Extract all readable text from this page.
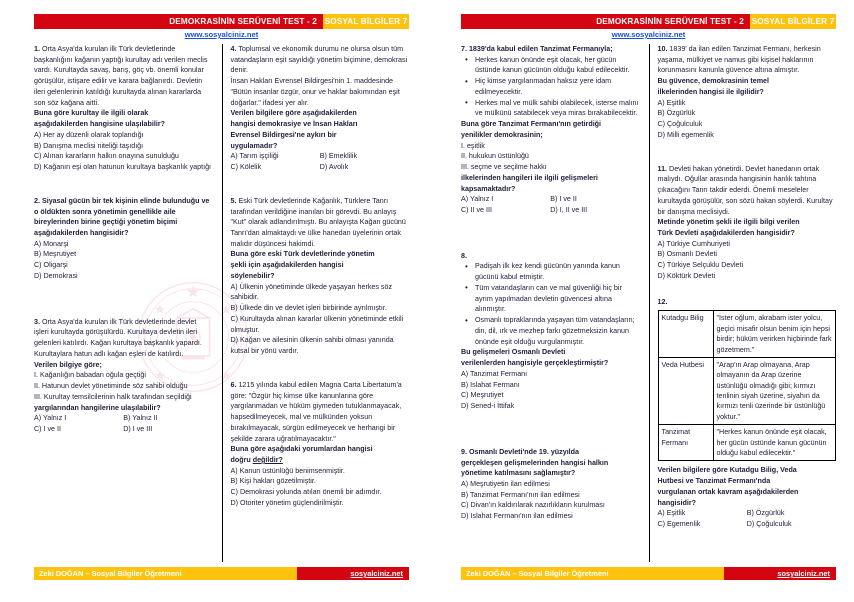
DEMOKRASİNİN SERÜVENİ TEST - 2 SOSYAL BİLGİLER 7
www.sosyalciniz.net

1. Orta Asya'da kurulan ilk Türk devletlerinde başkanlığını kağanın yaptığı kurultay adı verilen meclis vardı. Kurultayda savaş, barış, göç vb. önemli konular görüşülür, istişare edilir ve karara bağlanırdı. Devletin ileri gelenlerinin katıldığı kurultayda alınan kararlarda son söz kağana aitti.

Buna göre kurultay ile ilgili olarak

aşağıdakilerden hangisine ulaşılabilir?

A) Her ay düzenli olarak toplandığı

B) Danışma meclisi niteliği taşıdığı

C) Alınan kararların halkın onayına sunulduğu

D) Kağanın eşi olan hatunun kurultaya başkanlık yaptığı

2. Siyasal gücün bir tek kişinin elinde bulunduğu ve o öldükten sonra yönetimin genellikle aile bireylerinden birine geçtiği yönetim biçimi aşağıdakilerden hangisidir?

A) Monarşi

B) Meşrutiyet

C) Oligarşi

D) Demokrasi

3. Orta Asya'da kurulan ilk Türk devletlerinde devlet işleri kurultayda görüşülürdü. Kurultaya devletin ileri gelenleri katılırdı. Kağan kurultaya başkanlık yapardı. Kurultaylara hatun adlı kağan eşleri de katılırdı.

Verilen bilgiye göre;

I. Kağanlığın babadan oğula geçtiği

II. Hatunun devlet yönetiminde söz sahibi olduğu

III. Kurultay temsilcilerinin halk tarafından seçildiği

yargılarından hangilerine ulaşılabilir?

A) Yalnız I	B) Yalnız II
C) I ve II	D) I ve III

4. Toplumsal ve ekonomik durumu ne olursa olsun tüm vatandaşların eşit sayıldığı yönetim biçimine, demokrasi denir.

İnsan Hakları Evrensel Bildirgesi'nin 1. maddesinde "Bütün insanlar özgür, onur ve haklar bakımından eşit doğarlar." ifadesi yer alır.

Verilen bilgilere göre aşağıdakilerden

hangisi demokrasiye ve İnsan Hakları

Evrensel Bildirgesi'ne aykırı bir

uygulamadır?

A) Tarım işçiliği	B) Emeklilik
C) Kölelik	D) Avolık

5. Eski Türk devletlerinde Kağanlık, Türklere Tanrı tarafından verildiğine inanılan bir görevdi. Bu anlayış "Kut" olarak adlandırılmıştı. Bu anlayışta Kağan gücünü Tanrı'dan almaktaydı ve ülke hanedan üyelerinin ortak malıdır düşüncesi hakimdi.

Buna göre eski Türk devletlerinde yönetim

şekli için aşağıdakilerden hangisi

söylenebilir?

A) Ülkenin yönetiminde ülkede yaşayan herkes söz sahibidir.

B) Ülkede din ve devlet işleri birbirinde ayrılmıştır.

C) Kurultayda alınan kararlar ülkenin yönetiminde etkili olmuştur.

D) Kağan ve ailesinin ülkenin sahibi olması yanında kutsal bir yönü vardır.

6. 1215 yılında kabul edilen Magna Carta Libertatum'a göre: "Özgür hiç kimse ülke kanunlarına göre yargılanmadan ve hüküm giymeden tutuklanmayacak, hapsedilmeyecek, mal ve mülkünden yoksun bırakılmayacak, sürgün edilmeyecek ve herhangi bir şekilde zarara uğratılmayacaktır."

Buna göre aşağıdaki yorumlardan hangisi

doğru değildir?

A) Kanun üstünlüğü benimsenmiştir.

B) Kişi hakları gözetilmiştir.

C) Demokrasi yolunda atılan önemli bir adımdır.

D) Otoriter yönetim güçlendirilmiştir.

Zeki DOĞAN – Sosyal Bilgiler Öğretmeni	sosyalciniz.net
DEMOKRASİNİN SERÜVENİ TEST - 2 SOSYAL BİLGİLER 7
www.sosyalciniz.net

7. 1839'da kabul edilen Tanzimat Fermanıyla;

• Herkes kanun önünde eşit olacak, her gücün üstünde kanun gücünün olduğu kabul edilecektir.
• Hiç kimse yargılanmadan haksız yere idam edilmeyecektir.
• Herkes mal ve mülk sahibi olabilecek, isterse malını ve mülkünü satabilecek veya miras bırakabilecektir.

Buna göre Tanzimat Fermanı'nın getirdiği

yenilikler demokrasinin;

I. eşitlik

II. hukukun üstünlüğü

III. seçme ve seçilme hakkı

ilkelerinden hangileri ile ilgili gelişmeleri

kapsamaktadır?

A) Yalnız I	B) I ve II
C) II ve III	D) I, II ve III

8.

• Padişah ilk kez kendi gücünün yanında kanun gücünü kabul etmiştir.
• Tüm vatandaşların can ve mal güvenliği hiç bir ayrım yapılmadan devletin güvencesi altına alınmıştır.
• Osmanlı topraklarında yaşayan tüm vatandaşların; din, dil, ırk ve mezhep farkı gözetmeksizin kanun önünde eşit olduğu vurgulanmıştır.

Bu gelişmeleri Osmanlı Devleti

verilenlerden hangisiyle gerçekleştirmiştir?

A) Tanzimat Fermanı

B) Islahat Fermanı

C) Meşrutiyet

D) Sened-i İttifak

9. Osmanlı Devleti'nde 19. yüzyılda

gerçekleşen gelişmelerinden hangisi halkın

yönetime katılmasını sağlamıştır?

A) Meşrutiyetin ilan edilmesi

B) Tanzimat Fermanı'nın ilan edilmesi

C) Divan'ın kaldırılarak nazırlıkların kurulması

D) Islahat Fermanı'nın ilan edilmesi

10. 1839' da ilan edilen Tanzimat Fermanı, herkesin yaşama, mülkiyet ve namus gibi kişisel haklarının korunmasını kanunla güvence altına almıştır.

Bu güvence, demokrasinin temel

ilkelerinden hangisi ile ilgilidir?

A) Eşitlik

B) Özgürlük

C) Çoğulculuk

D) Milli egemenlik

11. Devleti hakan yönetirdi. Devlet hanedanın ortak malıydı. Oğullar arasında hangisinin hanlık tahtına çıkacağını Tanrı takdir ederdi. Önemli meseleler kurultayda görüşülür, son sözü hakan söylerdi. Kurultay bir danışma meclisiydi.

Metinde yönetim şekli ile ilgili bilgi verilen

Türk Devleti aşağıdakilerden hangisidir?

A) Türkiye Cumhuriyeti

B) Osmanlı Devleti

C) Türkiye Selçuklu Devleti

D) Köktürk Devleti

12.

Kutadgu Bilig	"İster oğlum, akrabam ister yolcu, geçici misafir olsun benim için hepsi birdir; hüküm verirken hiçbirinde fark gözetmem."
Veda Hutbesi	"Arap'ın Arap olmayana, Arap olmayanın da Arap üzerine üstünlüğü olmadığı gibi; kırmızı tenlinin siyah üzerine, siyahın da kırmızı tenli üzerinde bir üstünlüğü yoktur."
Tanzimat Fermanı	"Herkes kanun önünde eşit olacak, her gücün üstünde kanun gücünün olduğu kabul edilecektir."

Verilen bilgilere göre Kutadgu Bilig, Veda

Hutbesi ve Tanzimat Fermanı'nda

vurgulanan ortak kavram aşağıdakilerden

hangisidir?

A) Eşitlik	B) Özgürlük
C) Egemenlik	D) Çoğulculuk
Zeki DOĞAN – Sosyal Bilgiler Öğretmeni	sosyalciniz.net
